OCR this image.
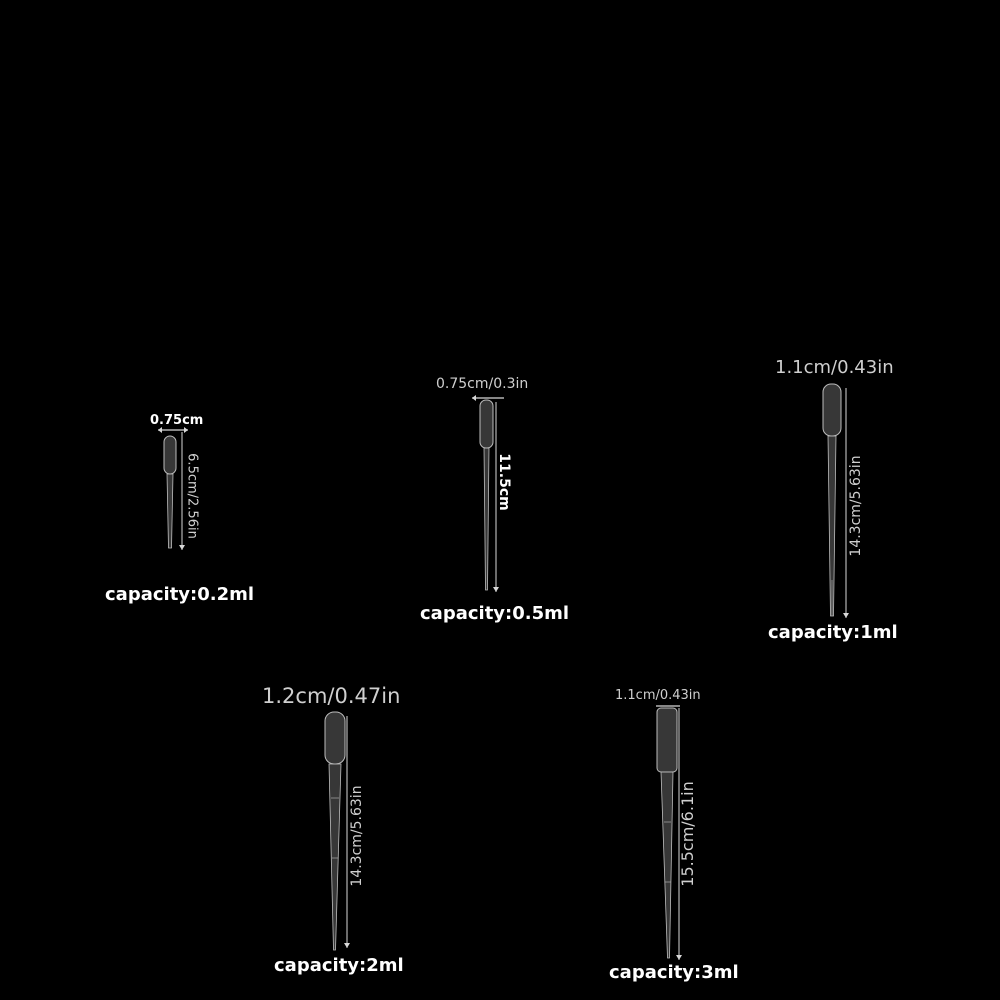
0.75cm
6.5cm/2.56in
capacity:0.2ml
0.75cm/0.3in
11.5cm
capacity:0.5ml
1.1cm/0.43in
14.3cm/5.63in
capacity:1ml
1.2cm/0.47in
14.3cm/5.63in
capacity:2ml
1.1cm/0.43in
15.5cm/6.1in
capacity:3ml
